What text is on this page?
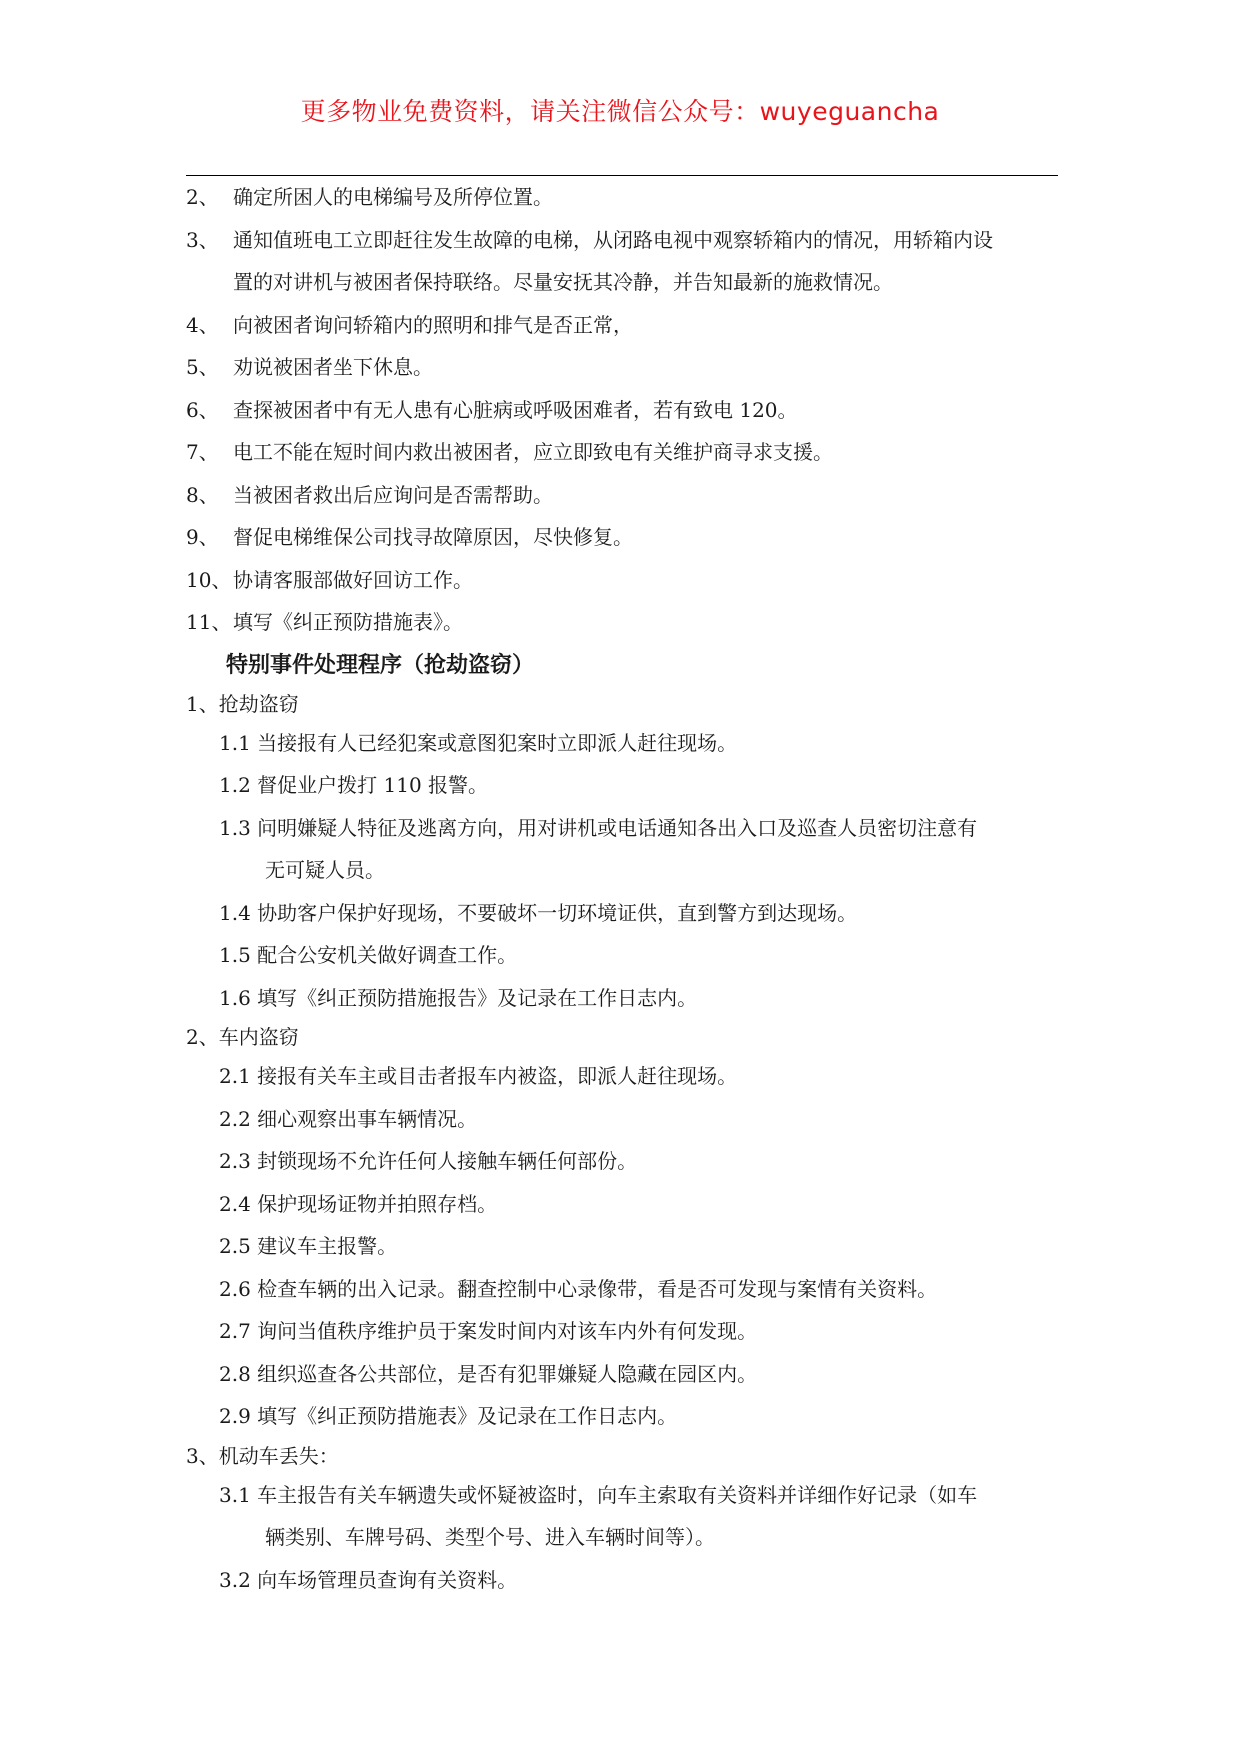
更多物业免费资料，请关注微信公众号：wuyeguancha
2、 确定所困人的电梯编号及所停位置。
3、 通知值班电工立即赶往发生故障的电梯，从闭路电视中观察轿箱内的情况，用轿箱内设
置的对讲机与被困者保持联络。尽量安抚其冷静，并告知最新的施救情况。
4、 向被困者询问轿箱内的照明和排气是否正常，
5、 劝说被困者坐下休息。
6、 查探被困者中有无人患有心脏病或呼吸困难者，若有致电 120。
7、 电工不能在短时间内救出被困者，应立即致电有关维护商寻求支援。
8、 当被困者救出后应询问是否需帮助。
9、 督促电梯维保公司找寻故障原因，尽快修复。
10、 协请客服部做好回访工作。
11、 填写《纠正预防措施表》。
特别事件处理程序（抢劫盗窃）
1、抢劫盗窃
1.1 当接报有人已经犯案或意图犯案时立即派人赶往现场。
1.2 督促业户拨打 110 报警。
1.3 问明嫌疑人特征及逃离方向，用对讲机或电话通知各出入口及巡查人员密切注意有
无可疑人员。
1.4 协助客户保护好现场，不要破坏一切环境证供，直到警方到达现场。
1.5 配合公安机关做好调查工作。
1.6 填写《纠正预防措施报告》及记录在工作日志内。
2、车内盗窃
2.1 接报有关车主或目击者报车内被盗，即派人赶往现场。
2.2 细心观察出事车辆情况。
2.3 封锁现场不允许任何人接触车辆任何部份。
2.4 保护现场证物并拍照存档。
2.5 建议车主报警。
2.6 检查车辆的出入记录。翻查控制中心录像带，看是否可发现与案情有关资料。
2.7 询问当值秩序维护员于案发时间内对该车内外有何发现。
2.8 组织巡查各公共部位，是否有犯罪嫌疑人隐藏在园区内。
2.9 填写《纠正预防措施表》及记录在工作日志内。
3、机动车丢失：
3.1 车主报告有关车辆遗失或怀疑被盗时，向车主索取有关资料并详细作好记录（如车
辆类别、车牌号码、类型个号、进入车辆时间等）。
3.2 向车场管理员查询有关资料。
